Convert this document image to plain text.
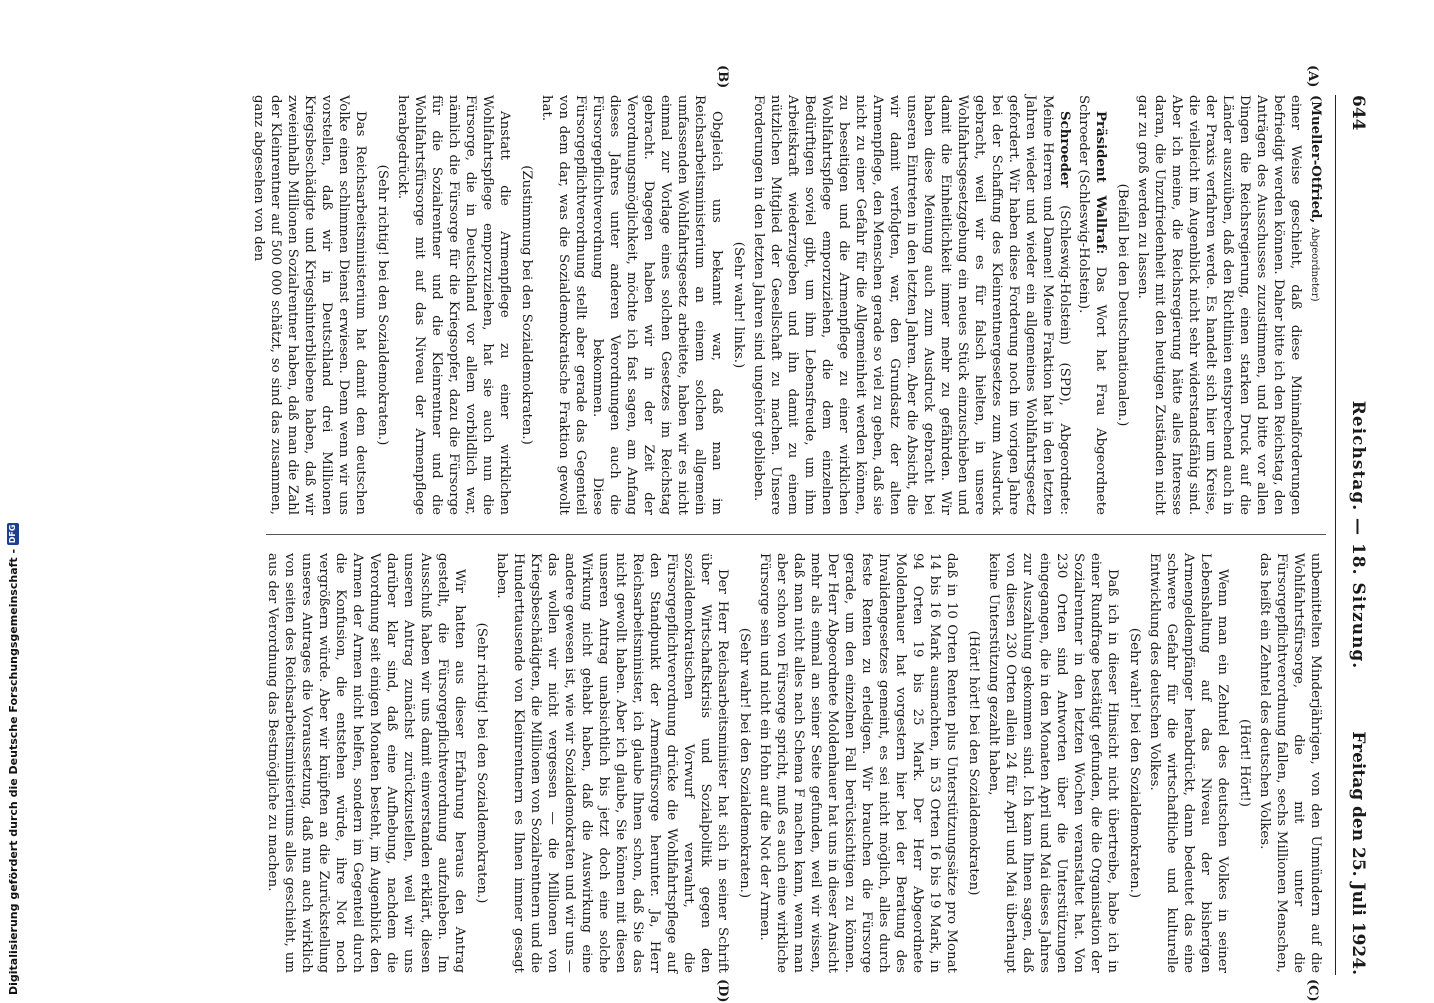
644
Reichstag. — 18. Sitzung.
Freitag den 25. Juli 1924.
(A)
(B)
(C)
(D)

(Mueller-Otfried, Abgeordneter)

einer Weise geschieht, daß diese Minimalforderungen befriedigt werden können. Daher bitte ich den Reichstag, den Anträgen des Ausschusses zuzustimmen, und bitte vor allen Dingen die Reichsregierung, einen starken Druck auf die Länder auszuüben, daß den Richtlinien entsprechend auch in der Praxis verfahren werde. Es handelt sich hier um Kreise, die vielleicht im Augenblick nicht sehr widerstandsfähig sind. Aber ich meine, die Reichsregierung hätte alles Interesse daran, die Unzufriedenheit mit den heutigen Zuständen nicht gar zu groß werden zu lassen.

(Beifall bei den Deutschnationalen.)

Präsident Wallraf: Das Wort hat Frau Abgeordnete Schroeder (Schleswig-Holstein).

Schroeder (Schleswig-Holstein) (SPD), Abgeordnete: Meine Herren und Damen! Meine Fraktion hat in den letzten Jahren wieder und wieder ein allgemeines Wohlfahrtsgesetz gefordert. Wir haben diese Forderung noch im vorigen Jahre bei der Schaffung des Kleinrentnergesetzes zum Ausdruck gebracht, weil wir es für falsch hielten, in unsere Wohlfahrtsgesetzgebung ein neues Stück einzuschieben und damit die Einheitlichkeit immer mehr zu gefährden. Wir haben diese Meinung auch zum Ausdruck gebracht bei unseren Eintreten in den letzten Jahren. Aber die Absicht, die wir damit verfolgten, war, den Grundsatz der alten Armenpflege, den Menschen gerade so viel zu geben, daß sie nicht zu einer Gefahr für die Allgemeinheit werden können, zu beseitigen und die Armenpflege zu einer wirklichen Wohlfahrtspflege emporzuziehen, die dem einzelnen Bedürftigen soviel gibt, um ihm Lebensfreude, um ihm Arbeitskraft wiederzugeben und ihn damit zu einem nützlichen Mitglied der Gesellschaft zu machen. Unsere Forderungen in den letzten Jahren sind ungehört geblieben.

(Sehr wahr! links.)

Obgleich uns bekannt war, daß man im Reichsarbeitsministerium an einem solchen allgemein umfassenden Wohlfahrtsgesetz arbeitete, haben wir es nicht einmal zur Vorlage eines solchen Gesetzes im Reichstag gebracht. Dagegen haben wir in der Zeit der Verordnungsmöglichkeit, möchte ich fast sagen, am Anfang dieses Jahres unter anderen Verordnungen auch die Fürsorgepflichtverordnung bekommen. Diese Fürsorgepflichtverordnung stellt aber gerade das Gegenteil von dem dar, was die Sozialdemokratische Fraktion gewollt hat.

(Zustimmung bei den Sozialdemokraten.)

Anstatt die Armenpflege zu einer wirklichen Wohlfahrtspflege emporzuziehen, hat sie auch nun die Fürsorge, die in Deutschland vor allem vorbildlich war, nämlich die Fürsorge für die Kriegsopfer, dazu die Fürsorge für die Sozialrentner und die Kleinrentner und die Wohlfahrtsfürsorge mit auf das Niveau der Armenpflege herabgedrückt.

(Sehr richtig! bei den Sozialdemokraten.)

Das Reichsarbeitsministerium hat damit dem deutschen Volke einen schlimmen Dienst erwiesen. Denn wenn wir uns vorstellen, daß wir in Deutschland drei Millionen Kriegsbeschädigte und Kriegshinterbliebene haben, daß wir zweieinhalb Millionen Sozialrentner haben, daß man die Zahl der Kleinrentner auf 500 000 schätzt, so sind das zusammen, ganz abgesehen von den

unbemittelten Minderjährigen, von den Unmündern auf die Wohlfahrtsfürsorge, die mit unter die Fürsorgepflichtverordnung fallen, sechs Millionen Menschen, das heißt ein Zehntel des deutschen Volkes.

(Hört! Hört!)

Wenn man ein Zehntel des deutschen Volkes in seiner Lebenshaltung auf das Niveau der bisherigen Armengeldempfänger herabdrückt, dann bedeutet das eine schwere Gefahr für die wirtschaftliche und kulturelle Entwicklung des deutschen Volkes.

(Sehr wahr! bei den Sozialdemokraten.)

Daß ich in dieser Hinsicht nicht übertreibe, habe ich in einer Rundfrage bestätigt gefunden, die die Organisation der Sozialrentner in den letzten Wochen veranstaltet hat. Von 230 Orten sind Antworten über die Unterstützungen eingegangen, die in den Monaten April und Mai dieses Jahres zur Auszahlung gekommen sind. Ich kann Ihnen sagen, daß von diesen 230 Orten allein 24 für April und Mai überhaupt keine Unterstützung gezahlt haben,

(Hört! hört! bei den Sozialdemokraten)

daß in 10 Orten Renten plus Unterstützungssätze pro Monat 14 bis 16 Mark ausmachten, in 53 Orten 16 bis 19 Mark, in 94 Orten 19 bis 25 Mark. Der Herr Abgeordnete Moldenhauer hat vorgestern hier bei der Beratung des Invalidengesetzes gemeint, es sei nicht möglich, alles durch feste Renten zu erledigen. Wir brauchen die Fürsorge gerade, um den einzelnen Fall berücksichtigen zu können. Der Herr Abgeordnete Moldenhauer hat uns in dieser Ansicht mehr als einmal an seiner Seite gefunden, weil wir wissen, daß man nicht alles nach Schema F machen kann, wenn man aber schon von Fürsorge spricht, muß es auch eine wirkliche Fürsorge sein und nicht ein Hohn auf die Not der Armen.

(Sehr wahr! bei den Sozialdemokraten.)

Der Herr Reichsarbeitsminister hat sich in seiner Schrift über Wirtschaftskrisis und Sozialpolitik gegen den sozialdemokratischen Vorwurf verwahrt, die Fürsorgepflichtverordnung drücke die Wohlfahrtspflege auf den Standpunkt der Armenfürsorge herunter. Ja, Herr Reichsarbeitsminister, ich glaube Ihnen schon, daß Sie das nicht gewollt haben. Aber ich glaube, Sie können mit diesen unseren Antrag unabsichtlich bis jetzt doch eine solche Wirkung nicht gehabt haben, daß die Auswirkung eine andere gewesen ist, wie wir Sozialdemokraten und wir uns — das wollen wir nicht vergessen — die Millionen von Kriegsbeschädigten, die Millionen von Sozialrentnern und die Hunderttausende von Kleinrentnern es Ihnen immer gesagt haben.

(Sehr richtig! bei den Sozialdemokraten.)

Wir hatten aus dieser Erfahrung heraus den Antrag gestellt, die Fürsorgepflichtverordnung aufzuheben. Im Ausschuß haben wir uns damit einverstanden erklärt, diesen unseren Antrag zunächst zurückzustellen, weil wir uns darüber klar sind, daß eine Aufhebung, nachdem die Verordnung seit einigen Monaten besteht, im Augenblick den Armen der Armen nicht helfen, sondern im Gegenteil durch die Konfusion, die entstehen würde, ihre Not noch vergrößern würde. Aber wir knüpften an die Zurückstellung unseres Antrages die Voraussetzung, daß nun auch wirklich von seiten des Reichsarbeitsministeriums alles geschieht, um aus der Verordnung das Bestmögliche zu machen.

Digitalisierung gefördert durch die Deutsche Forschungsgemeinschaft -
DFG
